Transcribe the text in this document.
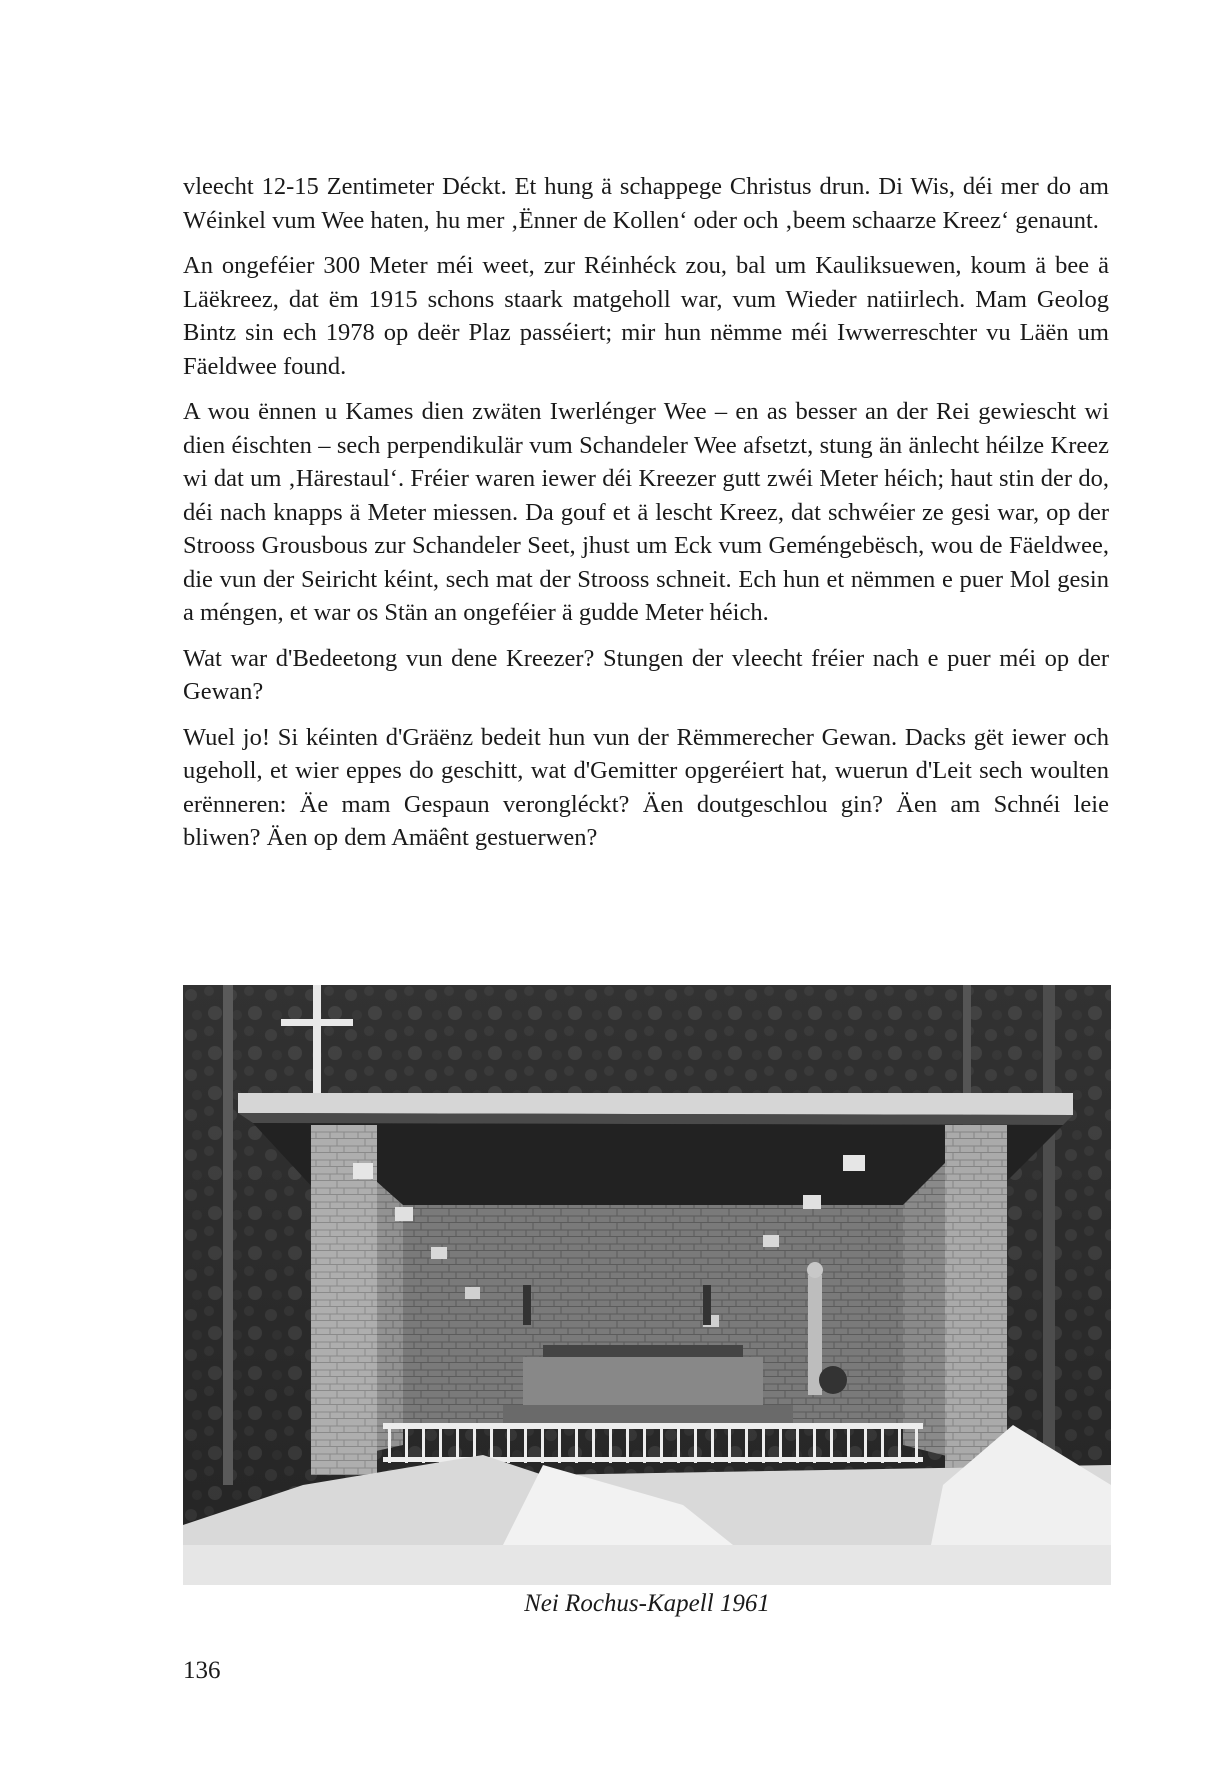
vleecht 12-15 Zentimeter Déckt. Et hung ä schappege Christus drun. Di Wis, déi mer do am Wéinkel vum Wee haten, hu mer ‚Ënner de Kollen‘ oder och ‚beem schaarze Kreez‘ genaunt.

An ongeféier 300 Meter méi weet, zur Réinhéck zou, bal um Kauliksuewen, koum ä bee ä Läëkreez, dat ëm 1915 schons staark matgeholl war, vum Wieder natiirlech. Mam Geolog Bintz sin ech 1978 op deër Plaz passéiert; mir hun nëmme méi Iwwerreschter vu Läën um Fäeldwee found.

A wou ënnen u Kames dien zwäten Iwerlénger Wee – en as besser an der Rei gewiescht wi dien éischten – sech perpendikulär vum Schandeler Wee afsetzt, stung än änlecht héilze Kreez wi dat um ‚Härestaul‘. Fréier waren iewer déi Kreezer gutt zwéi Meter héich; haut stin der do, déi nach knapps ä Meter miessen. Da gouf et ä lescht Kreez, dat schwéier ze gesi war, op der Strooss Grousbous zur Schandeler Seet, jhust um Eck vum Geméngebësch, wou de Fäeldwee, die vun der Seiricht kéint, sech mat der Strooss schneit. Ech hun et nëmmen e puer Mol gesin a méngen, et war os Stän an ongeféier ä gudde Meter héich.

Wat war d'Bedeetong vun dene Kreezer? Stungen der vleecht fréier nach e puer méi op der Gewan?

Wuel jo! Si kéinten d'Gräënz bedeit hun vun der Rëmmerecher Gewan. Dacks gët iewer och ugeholl, et wier eppes do geschitt, wat d'Gemitter opgeréiert hat, wuerun d'Leit sech woulten erënneren: Äe mam Gespaun verongléckt? Äen doutgeschlou gin? Äen am Schnéi leie bliwen? Äen op dem Amäênt gestuerwen?

Nei Rochus-Kapell 1961
136
